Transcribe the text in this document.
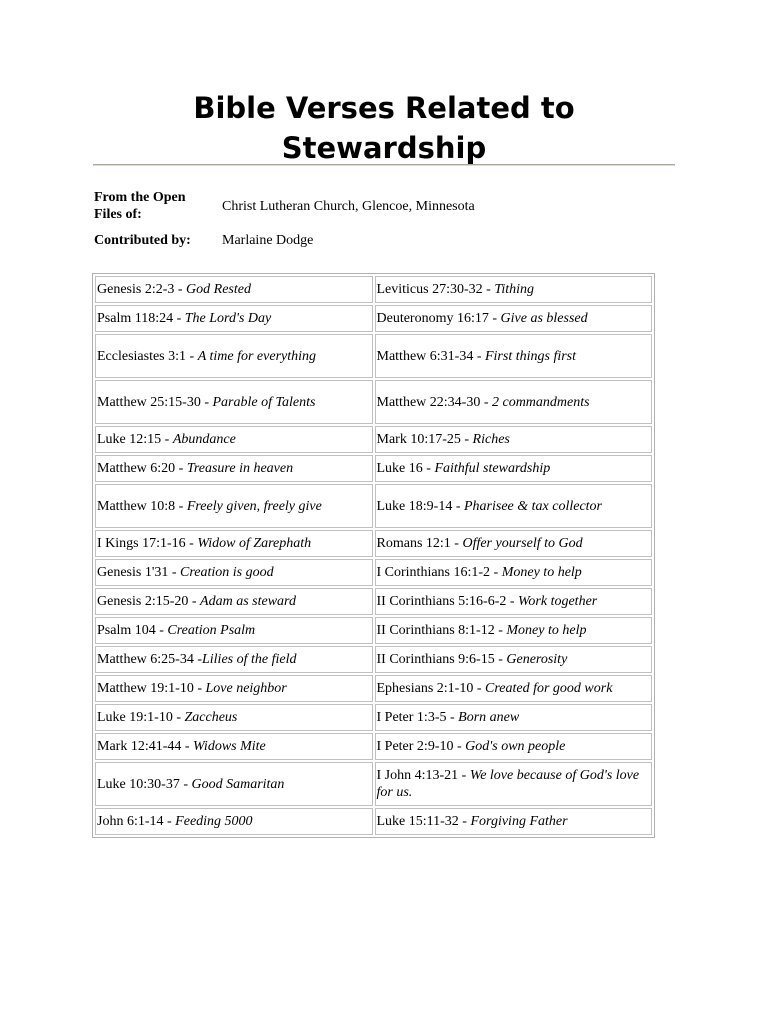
Bible Verses Related to
Stewardship
From the Open Files of:
Christ Lutheran Church, Glencoe, Minnesota
Contributed by:	Marlaine Dodge
Genesis 2:2-3 - God Rested	Leviticus 27:30-32 - Tithing
Psalm 118:24 - The Lord's Day	Deuteronomy 16:17 - Give as blessed
Ecclesiastes 3:1 - A time for everything	Matthew 6:31-34 - First things first
Matthew 25:15-30 - Parable of Talents	Matthew 22:34-30 - 2 commandments
Luke 12:15 - Abundance	Mark 10:17-25 - Riches
Matthew 6:20 - Treasure in heaven	Luke 16 - Faithful stewardship
Matthew 10:8 - Freely given, freely give	Luke 18:9-14 - Pharisee & tax collector
I Kings 17:1-16 - Widow of Zarephath	Romans 12:1 - Offer yourself to God
Genesis 1'31 - Creation is good	I Corinthians 16:1-2 - Money to help
Genesis 2:15-20 - Adam as steward	II Corinthians 5:16-6-2 - Work together
Psalm 104 - Creation Psalm	II Corinthians 8:1-12 - Money to help
Matthew 6:25-34 -Lilies of the field	II Corinthians 9:6-15 - Generosity
Matthew 19:1-10 - Love neighbor	Ephesians 2:1-10 - Created for good work
Luke 19:1-10 - Zaccheus	I Peter 1:3-5 - Born anew
Mark 12:41-44 - Widows Mite	I Peter 2:9-10 - God's own people
Luke 10:30-37 - Good Samaritan	I John 4:13-21 - We love because of God's love for us.
John 6:1-14 - Feeding 5000	Luke 15:11-32 - Forgiving Father
